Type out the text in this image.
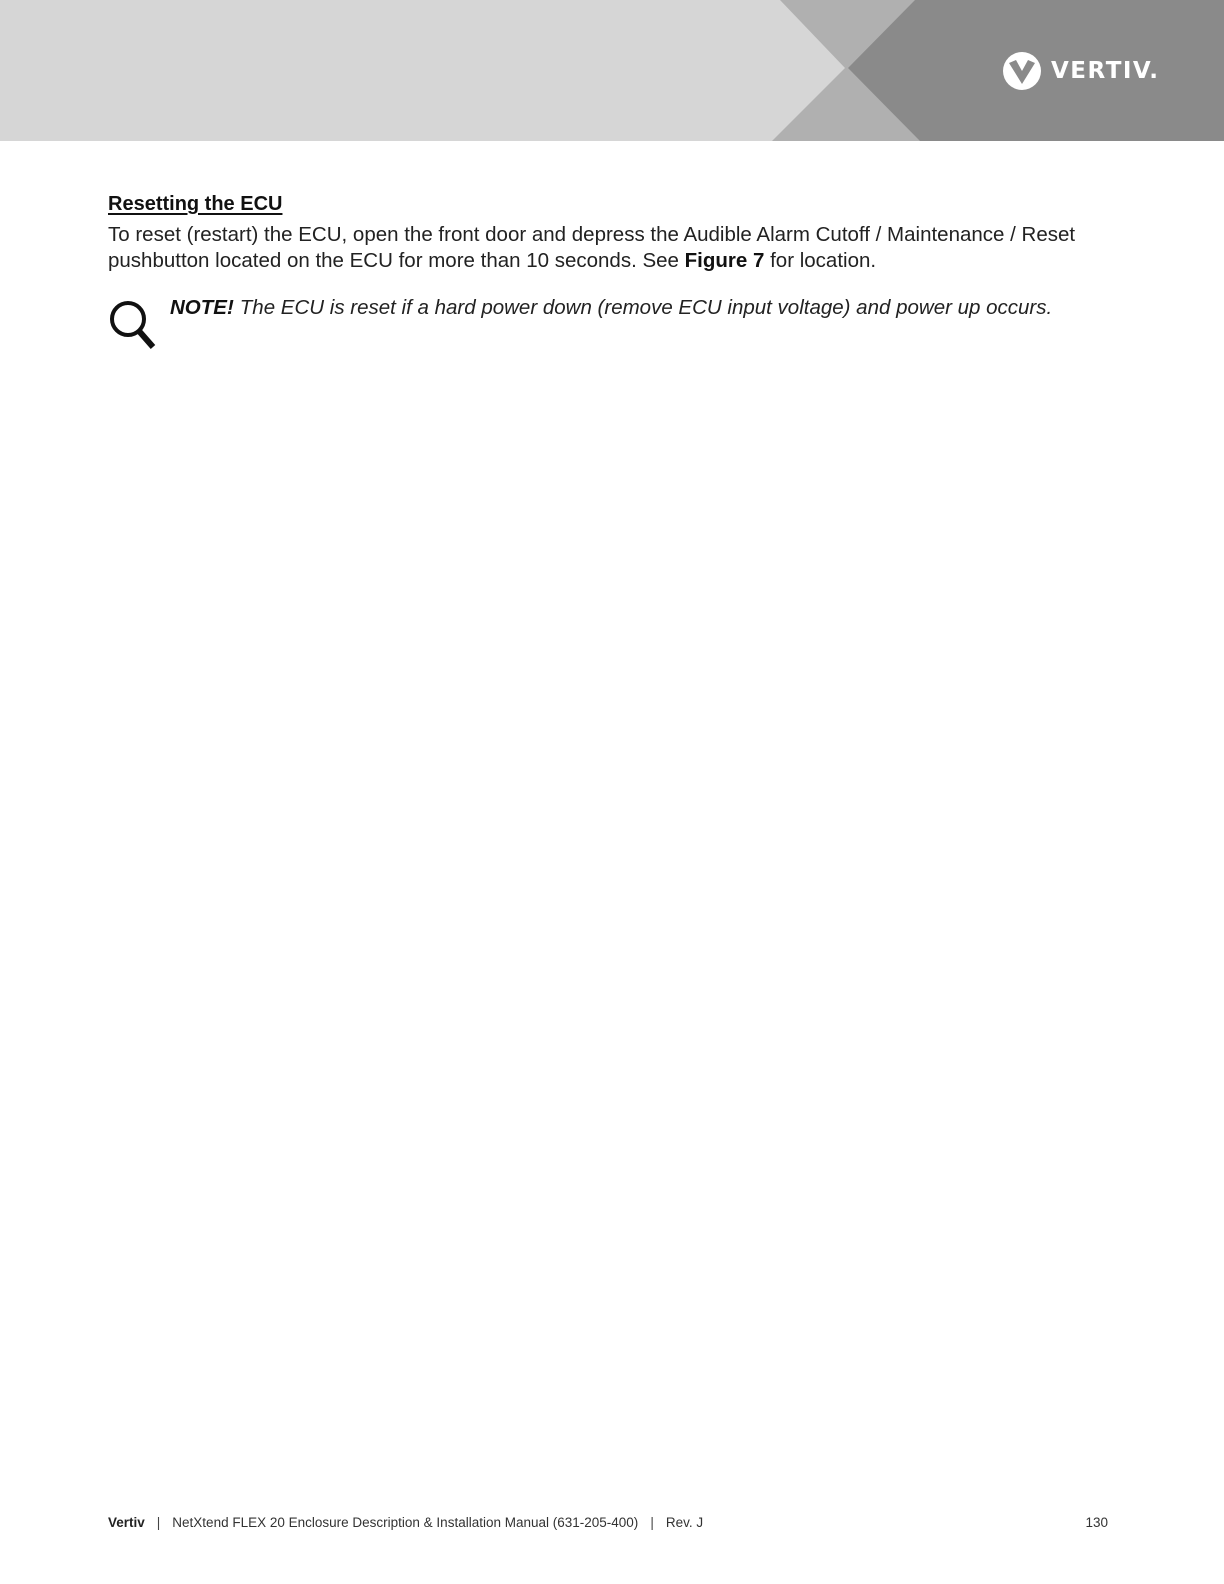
VERTIV.
Resetting the ECU

To reset (restart) the ECU, open the front door and depress the Audible Alarm Cutoff / Maintenance / Reset pushbutton located on the ECU for more than 10 seconds. See Figure 7 for location.

NOTE! The ECU is reset if a hard power down (remove ECU input voltage) and power up occurs.
Vertiv | NetXtend FLEX 20 Enclosure Description & Installation Manual (631-205-400) | Rev. J	130
